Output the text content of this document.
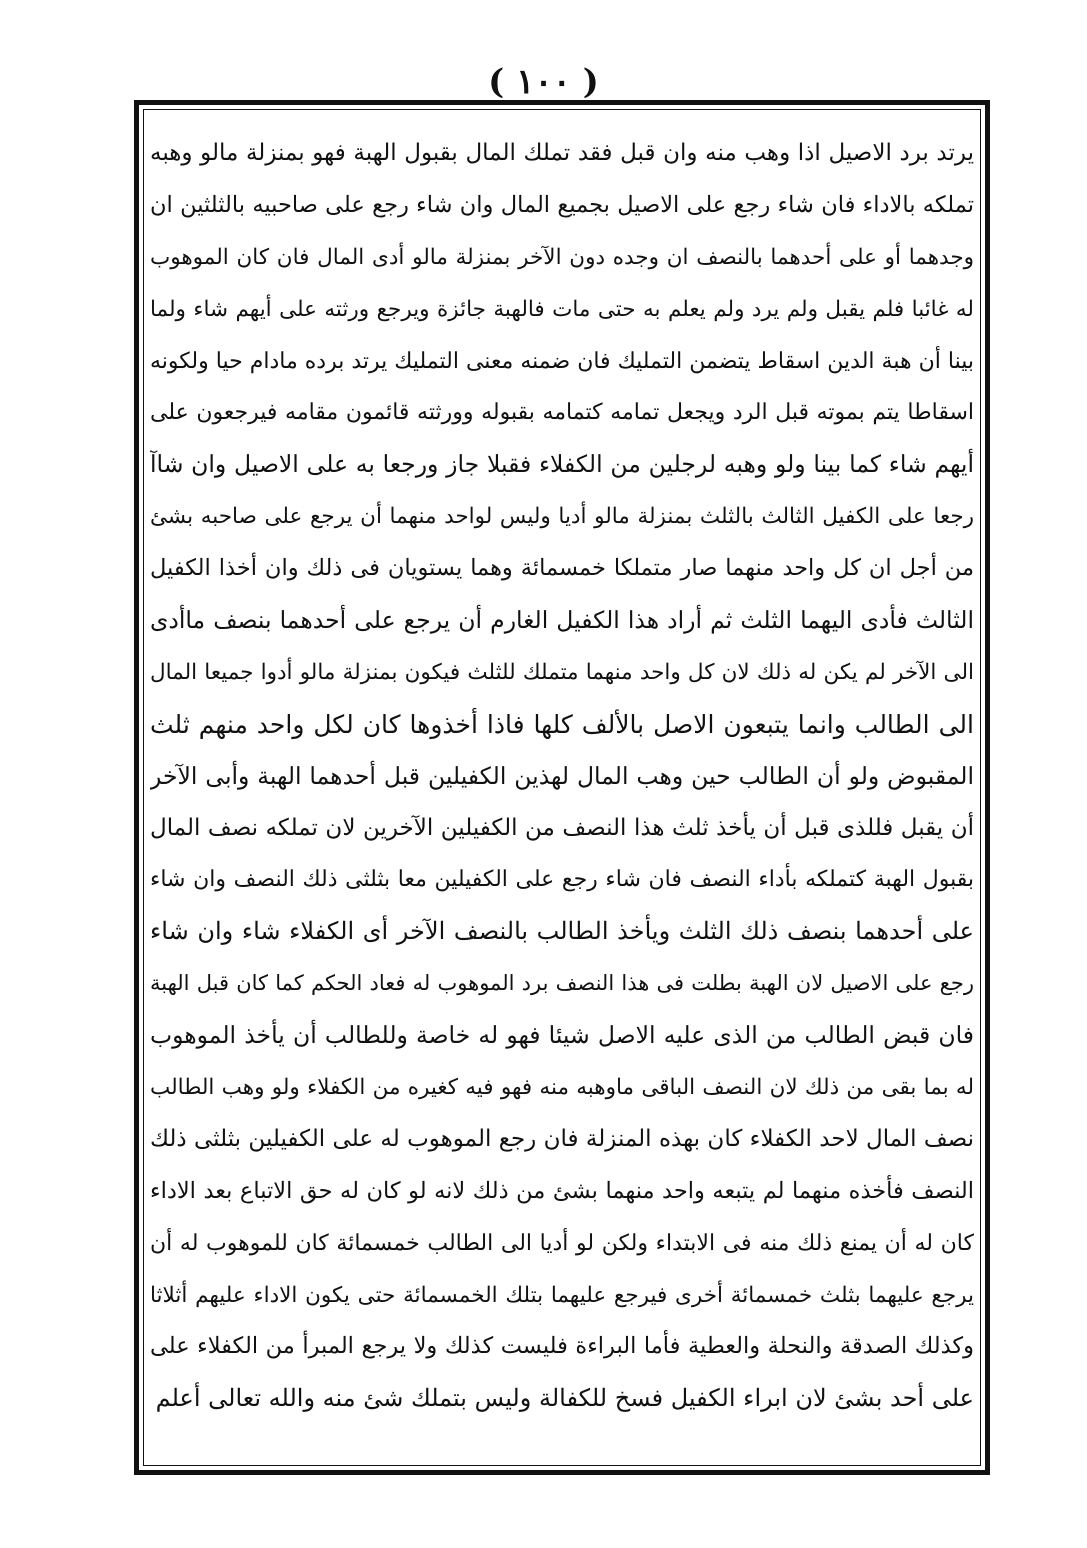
( ١٠٠ )
يرتد برد الاصيل اذا وهب منه وان قبل فقد تملك المال بقبول الهبة فهو بمنزلة مالو وهبه
تملكه بالاداء فان شاء رجع على الاصيل بجميع المال وان شاء رجع على صاحبيه بالثلثين ان
وجدهما أو على أحدهما بالنصف ان وجده دون الآخر بمنزلة مالو أدى المال فان كان الموهوب
له غائبا فلم يقبل ولم يرد ولم يعلم به حتى مات فالهبة جائزة ويرجع ورثته على أيهم شاء ولما
بينا أن هبة الدين اسقاط يتضمن التمليك فان ضمنه معنى التمليك يرتد برده مادام حيا ولكونه
اسقاطا يتم بموته قبل الرد ويجعل تمامه كتمامه بقبوله وورثته قائمون مقامه فيرجعون على
أيهم شاء كما بينا ولو وهبه لرجلين من الكفلاء فقبلا جاز ورجعا به على الاصيل وان شاآ
رجعا على الكفيل الثالث بالثلث بمنزلة مالو أديا وليس لواحد منهما أن يرجع على صاحبه بشئ
من أجل ان كل واحد منهما صار متملكا خمسمائة وهما يستويان فى ذلك وان أخذا الكفيل
الثالث فأدى اليهما الثلث ثم أراد هذا الكفيل الغارم أن يرجع على أحدهما بنصف ماأدى
الى الآخر لم يكن له ذلك لان كل واحد منهما متملك للثلث فيكون بمنزلة مالو أدوا جميعا المال
الى الطالب وانما يتبعون الاصل بالألف كلها فاذا أخذوها كان لكل واحد منهم ثلث
المقبوض ولو أن الطالب حين وهب المال لهذين الكفيلين قبل أحدهما الهبة وأبى الآخر
أن يقبل فللذى قبل أن يأخذ ثلث هذا النصف من الكفيلين الآخرين لان تملكه نصف المال
بقبول الهبة كتملكه بأداء النصف فان شاء رجع على الكفيلين معا بثلثى ذلك النصف وان شاء
على أحدهما بنصف ذلك الثلث ويأخذ الطالب بالنصف الآخر أى الكفلاء شاء وان شاء
رجع على الاصيل لان الهبة بطلت فى هذا النصف برد الموهوب له فعاد الحكم كما كان قبل الهبة
فان قبض الطالب من الذى عليه الاصل شيئا فهو له خاصة وللطالب أن يأخذ الموهوب
له بما بقى من ذلك لان النصف الباقى ماوهبه منه فهو فيه كغيره من الكفلاء ولو وهب الطالب
نصف المال لاحد الكفلاء كان بهذه المنزلة فان رجع الموهوب له على الكفيلين بثلثى ذلك
النصف فأخذه منهما لم يتبعه واحد منهما بشئ من ذلك لانه لو كان له حق الاتباع بعد الاداء
كان له أن يمنع ذلك منه فى الابتداء ولكن لو أديا الى الطالب خمسمائة كان للموهوب له أن
يرجع عليهما بثلث خمسمائة أخرى فيرجع عليهما بتلك الخمسمائة حتى يكون الاداء عليهم أثلاثا
وكذلك الصدقة والنحلة والعطية فأما البراءة فليست كذلك ولا يرجع المبرأ من الكفلاء على
على أحد بشئ لان ابراء الكفيل فسخ للكفالة وليس بتملك شئ منه والله تعالى أعلم
